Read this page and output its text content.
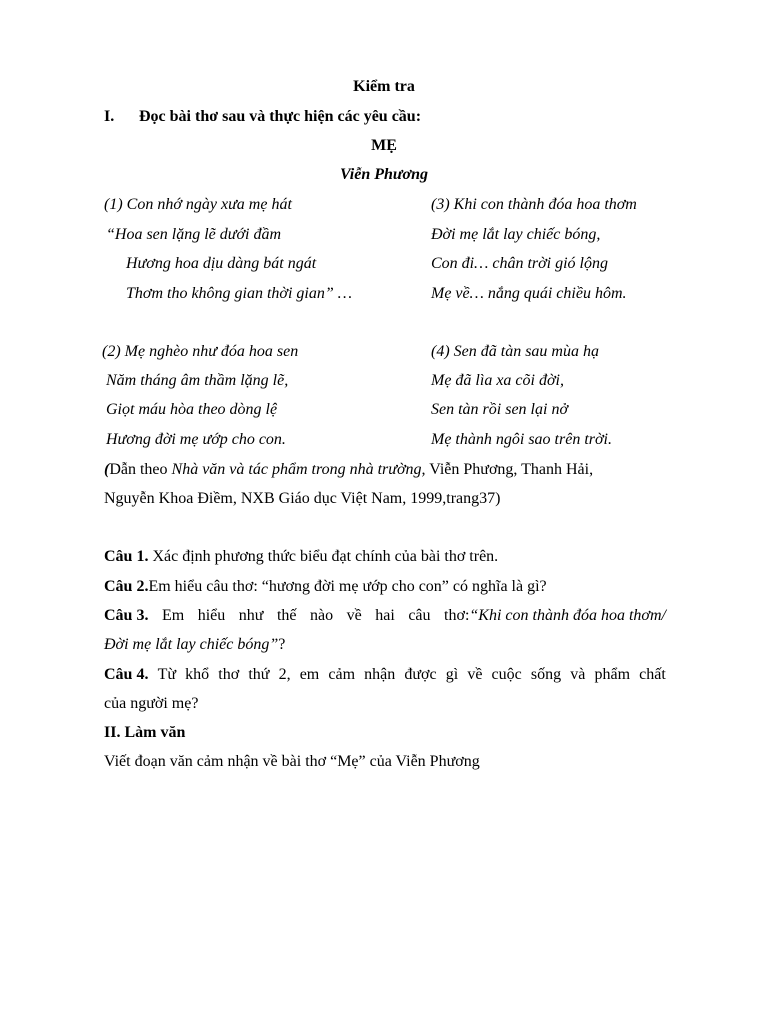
Kiểm tra
I. Đọc bài thơ sau và thực hiện các yêu cầu:
MẸ
Viễn Phương
(1) Con nhớ ngày xưa mẹ hát
“Hoa sen lặng lẽ dưới đầm
Hương hoa dịu dàng bát ngát
Thơm tho không gian thời gian” …
(3) Khi con thành đóa hoa thơm
Đời mẹ lắt lay chiếc bóng,
Con đi… chân trời gió lộng
Mẹ về… nắng quái chiều hôm.
(2) Mẹ nghèo như đóa hoa sen
Năm tháng âm thầm lặng lẽ,
Giọt máu hòa theo dòng lệ
Hương đời mẹ ướp cho con.
(4) Sen đã tàn sau mùa hạ
Mẹ đã lìa xa cõi đời,
Sen tàn rồi sen lại nở
Mẹ thành ngôi sao trên trời.
(Dẫn theo Nhà văn và tác phẩm trong nhà trường, Viễn Phương, Thanh Hải,
Nguyễn Khoa Điềm, NXB Giáo dục Việt Nam, 1999,trang37)
Câu 1. Xác định phương thức biểu đạt chính của bài thơ trên.
Câu 2.Em hiểu câu thơ: “hương đời mẹ ướp cho con” có nghĩa là gì?
Câu 3. Em hiểu như thế nào về hai câu thơ:“Khi con thành đóa hoa thơm/
Đời mẹ lắt lay chiếc bóng”?
Câu 4. Từ khổ thơ thứ 2, em cảm nhận được gì về cuộc sống và phẩm chất
của người mẹ?
II. Làm văn
Viết đoạn văn cảm nhận về bài thơ “Mẹ” của Viễn Phương
